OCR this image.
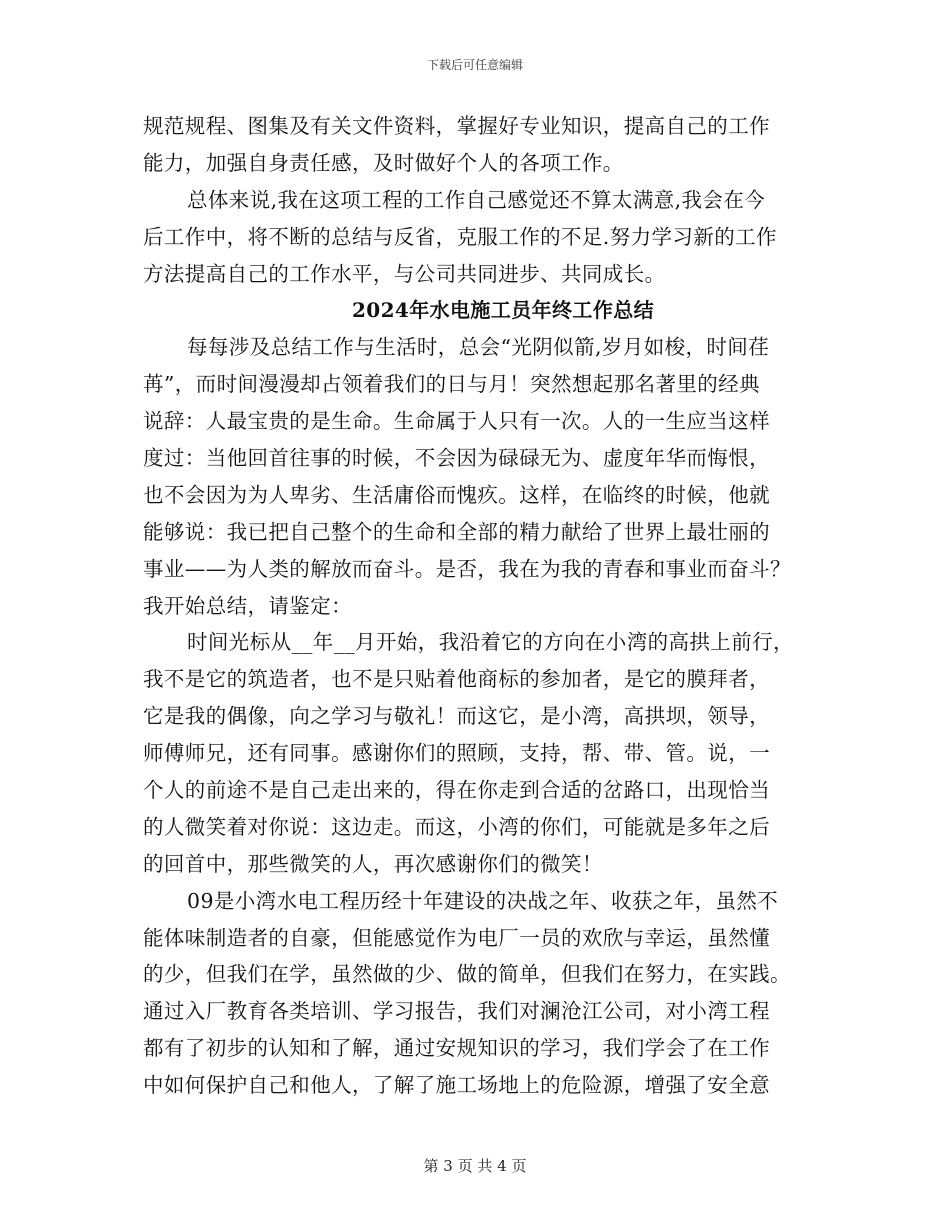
下载后可任意编辑
规范规程、图集及有关文件资料，掌握好专业知识，提高自己的工作
能力，加强自身责任感，及时做好个人的各项工作。
总体来说,我在这项工程的工作自己感觉还不算太满意,我会在今
后工作中，将不断的总结与反省，克服工作的不足.努力学习新的工作
方法提高自己的工作水平，与公司共同进步、共同成长。
2024年水电施工员年终工作总结
每每涉及总结工作与生活时，总会“光阴似箭,岁月如梭，时间荏
苒”，而时间漫漫却占领着我们的日与月！突然想起那名著里的经典
说辞：人最宝贵的是生命。生命属于人只有一次。人的一生应当这样
度过：当他回首往事的时候，不会因为碌碌无为、虚度年华而悔恨，
也不会因为为人卑劣、生活庸俗而愧疚。这样，在临终的时候，他就
能够说：我已把自己整个的生命和全部的精力献给了世界上最壮丽的
事业——为人类的解放而奋斗。是否，我在为我的青春和事业而奋斗？
我开始总结，请鉴定：
时间光标从__年__月开始，我沿着它的方向在小湾的高拱上前行，
我不是它的筑造者，也不是只贴着他商标的参加者，是它的膜拜者，
它是我的偶像，向之学习与敬礼！而这它，是小湾，高拱坝，领导，
师傅师兄，还有同事。感谢你们的照顾，支持，帮、带、管。说，一
个人的前途不是自己走出来的，得在你走到合适的岔路口，出现恰当
的人微笑着对你说：这边走。而这，小湾的你们，可能就是多年之后
的回首中，那些微笑的人，再次感谢你们的微笑！
09是小湾水电工程历经十年建设的决战之年、收获之年，虽然不
能体味制造者的自豪，但能感觉作为电厂一员的欢欣与幸运，虽然懂
的少，但我们在学，虽然做的少、做的简单，但我们在努力，在实践。
通过入厂教育各类培训、学习报告，我们对澜沧江公司，对小湾工程
都有了初步的认知和了解，通过安规知识的学习，我们学会了在工作
中如何保护自己和他人，了解了施工场地上的危险源，增强了安全意
第 3 页 共 4 页
